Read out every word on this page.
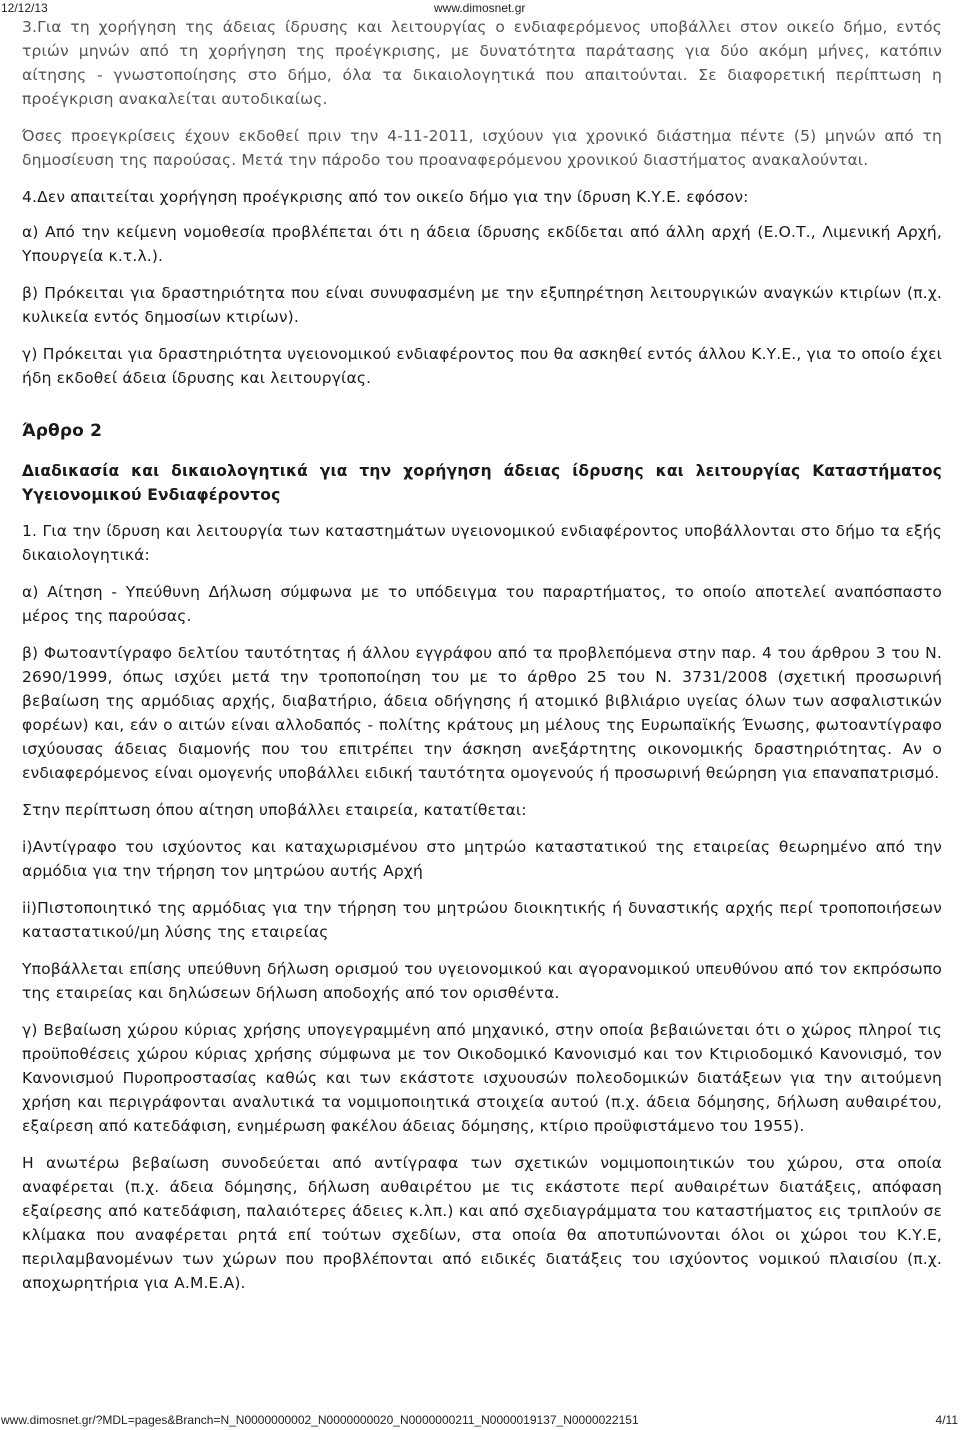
12/12/13	www.dimosnet.gr

3.Για τη χορήγηση της άδειας ίδρυσης και λειτουργίας ο ενδιαφερόμενος υποβάλλει στον οικείο δήμο, εντός τριών μηνών από τη χορήγηση της προέγκρισης, με δυνατότητα παράτασης για δύο ακόμη μήνες, κατόπιν αίτησης - γνωστοποίησης στο δήμο, όλα τα δικαιολογητικά που απαιτούνται. Σε διαφορετική περίπτωση η προέγκριση ανακαλείται αυτοδικαίως.

Όσες προεγκρίσεις έχουν εκδοθεί πριν την 4-11-2011, ισχύουν για χρονικό διάστημα πέντε (5) μηνών από τη δημοσίευση της παρούσας. Μετά την πάροδο του προαναφερόμενου χρονικού διαστήματος ανακαλούνται.

4.Δεν απαιτείται χορήγηση προέγκρισης από τον οικείο δήμο για την ίδρυση Κ.Υ.Ε. εφόσον:

α) Από την κείμενη νομοθεσία προβλέπεται ότι η άδεια ίδρυσης εκδίδεται από άλλη αρχή (Ε.Ο.Τ., Λιμενική Αρχή, Υπουργεία κ.τ.λ.).

β) Πρόκειται για δραστηριότητα που είναι συνυφασμένη με την εξυπηρέτηση λειτουργικών αναγκών κτιρίων (π.χ. κυλικεία εντός δημοσίων κτιρίων).

γ) Πρόκειται για δραστηριότητα υγειονομικού ενδιαφέροντος που θα ασκηθεί εντός άλλου Κ.Υ.Ε., για το οποίο έχει ήδη εκδοθεί άδεια ίδρυσης και λειτουργίας.

Άρθρο 2

Διαδικασία και δικαιολογητικά για την χορήγηση άδειας ίδρυσης και λειτουργίας Καταστήματος Υγειονομικού Ενδιαφέροντος

1. Για την ίδρυση και λειτουργία των καταστημάτων υγειονομικού ενδιαφέροντος υποβάλλονται στο δήμο τα εξής δικαιολογητικά:

α) Αίτηση - Υπεύθυνη Δήλωση σύμφωνα με το υπόδειγμα του παραρτήματος, το οποίο αποτελεί αναπόσπαστο μέρος της παρούσας.

β) Φωτοαντίγραφο δελτίου ταυτότητας ή άλλου εγγράφου από τα προβλεπόμενα στην παρ. 4 του άρθρου 3 του Ν. 2690/1999, όπως ισχύει μετά την τροποποίηση του με το άρθρο 25 του Ν. 3731/2008 (σχετική προσωρινή βεβαίωση της αρμόδιας αρχής, διαβατήριο, άδεια οδήγησης ή ατομικό βιβλιάριο υγείας όλων των ασφαλιστικών φορέων) και, εάν ο αιτών είναι αλλοδαπός - πολίτης κράτους μη μέλους της Ευρωπαϊκής Ένωσης, φωτοαντίγραφο ισχύουσας άδειας διαμονής που του επιτρέπει την άσκηση ανεξάρτητης οικονομικής δραστηριότητας. Αν ο ενδιαφερόμενος είναι ομογενής υποβάλλει ειδική ταυτότητα ομογενούς ή προσωρινή θεώρηση για επαναπατρισμό.

Στην περίπτωση όπου αίτηση υποβάλλει εταιρεία, κατατίθεται:

i)Αντίγραφο του ισχύοντος και καταχωρισμένου στο μητρώο καταστατικού της εταιρείας θεωρημένο από την αρμόδια για την τήρηση τον μητρώου αυτής Αρχή

ii)Πιστοποιητικό της αρμόδιας για την τήρηση του μητρώου διοικητικής ή δυναστικής αρχής περί τροποποιήσεων καταστατικού/μη λύσης της εταιρείας

Υποβάλλεται επίσης υπεύθυνη δήλωση ορισμού του υγειονομικού και αγορανομικού υπευθύνου από τον εκπρόσωπο της εταιρείας και δηλώσεων δήλωση αποδοχής από τον ορισθέντα.

γ) Βεβαίωση χώρου κύριας χρήσης υπογεγραμμένη από μηχανικό, στην οποία βεβαιώνεται ότι ο χώρος πληροί τις προϋποθέσεις χώρου κύριας χρήσης σύμφωνα με τον Οικοδομικό Κανονισμό και τον Κτιριοδομικό Κανονισμό, τον Κανονισμού Πυροπροστασίας καθώς και των εκάστοτε ισχυουσών πολεοδομικών διατάξεων για την αιτούμενη χρήση και περιγράφονται αναλυτικά τα νομιμοποιητικά στοιχεία αυτού (π.χ. άδεια δόμησης, δήλωση αυθαιρέτου, εξαίρεση από κατεδάφιση, ενημέρωση φακέλου άδειας δόμησης, κτίριο προϋφιστάμενο του 1955).

Η ανωτέρω βεβαίωση συνοδεύεται από αντίγραφα των σχετικών νομιμοποιητικών του χώρου, στα οποία αναφέρεται (π.χ. άδεια δόμησης, δήλωση αυθαιρέτου με τις εκάστοτε περί αυθαιρέτων διατάξεις, απόφαση εξαίρεσης από κατεδάφιση, παλαιότερες άδειες κ.λπ.) και από σχεδιαγράμματα του καταστήματος εις τριπλούν σε κλίμακα που αναφέρεται ρητά επί τούτων σχεδίων, στα οποία θα αποτυπώνονται όλοι οι χώροι του Κ.Υ.Ε, περιλαμβανομένων των χώρων που προβλέπονται από ειδικές διατάξεις του ισχύοντος νομικού πλαισίου (π.χ. αποχωρητήρια για Α.Μ.Ε.Α).

www.dimosnet.gr/?MDL=pages&Branch=N_N0000000002_N0000000020_N0000000211_N0000019137_N0000022151	4/11
